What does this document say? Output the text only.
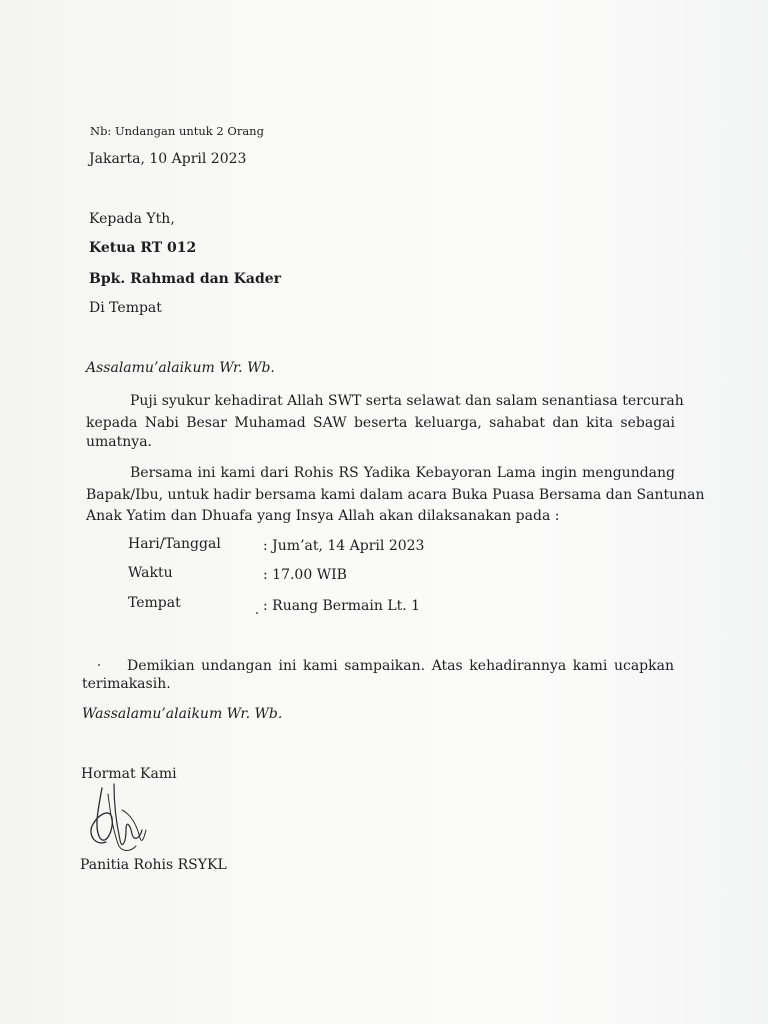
Nb: Undangan untuk 2 Orang
Jakarta, 10 April 2023
Kepada Yth,
Ketua RT 012
Bpk. Rahmad dan Kader
Di Tempat
Assalamu’alaikum Wr. Wb.
Puji syukur kehadirat Allah SWT serta selawat dan salam senantiasa tercurah
kepada Nabi Besar Muhamad SAW beserta keluarga, sahabat dan kita sebagai
umatnya.
Bersama ini kami dari Rohis RS Yadika Kebayoran Lama ingin mengundang
Bapak/Ibu, untuk hadir bersama kami dalam acara Buka Puasa Bersama dan Santunan
Anak Yatim dan Dhuafa yang Insya Allah akan dilaksanakan pada :
Hari/Tanggal	: Jum’at, 14 April 2023
Waktu	: 17.00 WIB
Tempat	: Ruang Bermain Lt. 1
Demikian undangan ini kami sampaikan. Atas kehadirannya kami ucapkan
terimakasih.
Wassalamu’alaikum Wr. Wb.
Hormat Kami
Panitia Rohis RSYKL
